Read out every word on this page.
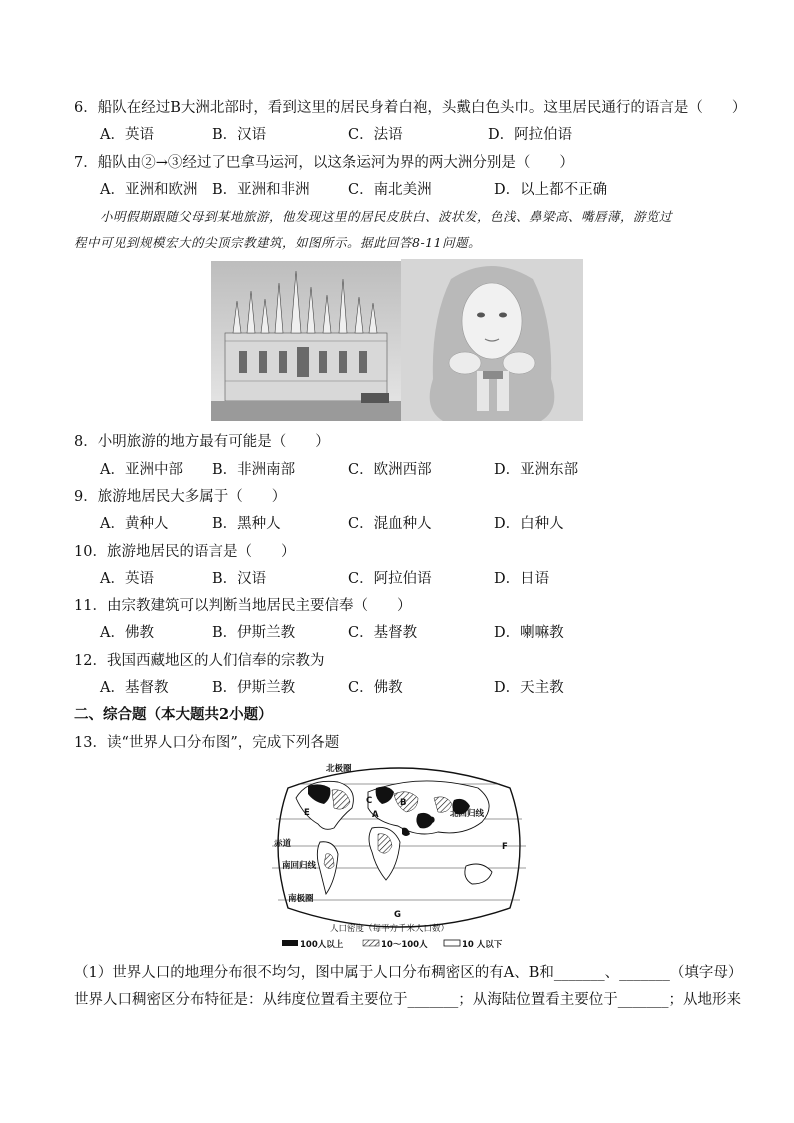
6．船队在经过B大洲北部时，看到这里的居民身着白袍，头戴白色头巾。这里居民通行的语言是（　　）
A．英语	B．汉语	C．法语	D．阿拉伯语
7．船队由②→③经过了巴拿马运河，以这条运河为界的两大洲分别是（　　）
A．亚洲和欧洲 B．亚洲和非洲	C．南北美洲	D．以上都不正确
小明假期跟随父母到某地旅游，他发现这里的居民皮肤白、波状发，色浅、鼻梁高、嘴唇薄，游览过
程中可见到规模宏大的尖顶宗教建筑，如图所示。据此回答8-11问题。
8．小明旅游的地方最有可能是（　　）
A．亚洲中部 B．非洲南部	C．欧洲西部	D．亚洲东部
9．旅游地居民大多属于（　　）
A．黄种人	B．黑种人	C．混血种人	D．白种人
10．旅游地居民的语言是（　　）
A．英语	B．汉语	C．阿拉伯语	D．日语
11．由宗教建筑可以判断当地居民主要信奉（　　）
A．佛教	B．伊斯兰教	C．基督教	D．喇嘛教
12．我国西藏地区的人们信奉的宗教为
A．基督教	B．伊斯兰教	C．佛教	D．天主教
二、综合题（本大题共2小题）
13．读“世界人口分布图”，完成下列各题
北极圈
北回归线
赤道
南回归线
南极圈
A
B
C
D
E
F
G
人口密度（每平方千米人口数）
100人以上	10～100人	10 人以下
（1）世界人口的地理分布很不均匀，图中属于人口分布稠密区的有A、B和_______、_______（填字母）
世界人口稠密区分布特征是：从纬度位置看主要位于_______；从海陆位置看主要位于_______；从地形来
